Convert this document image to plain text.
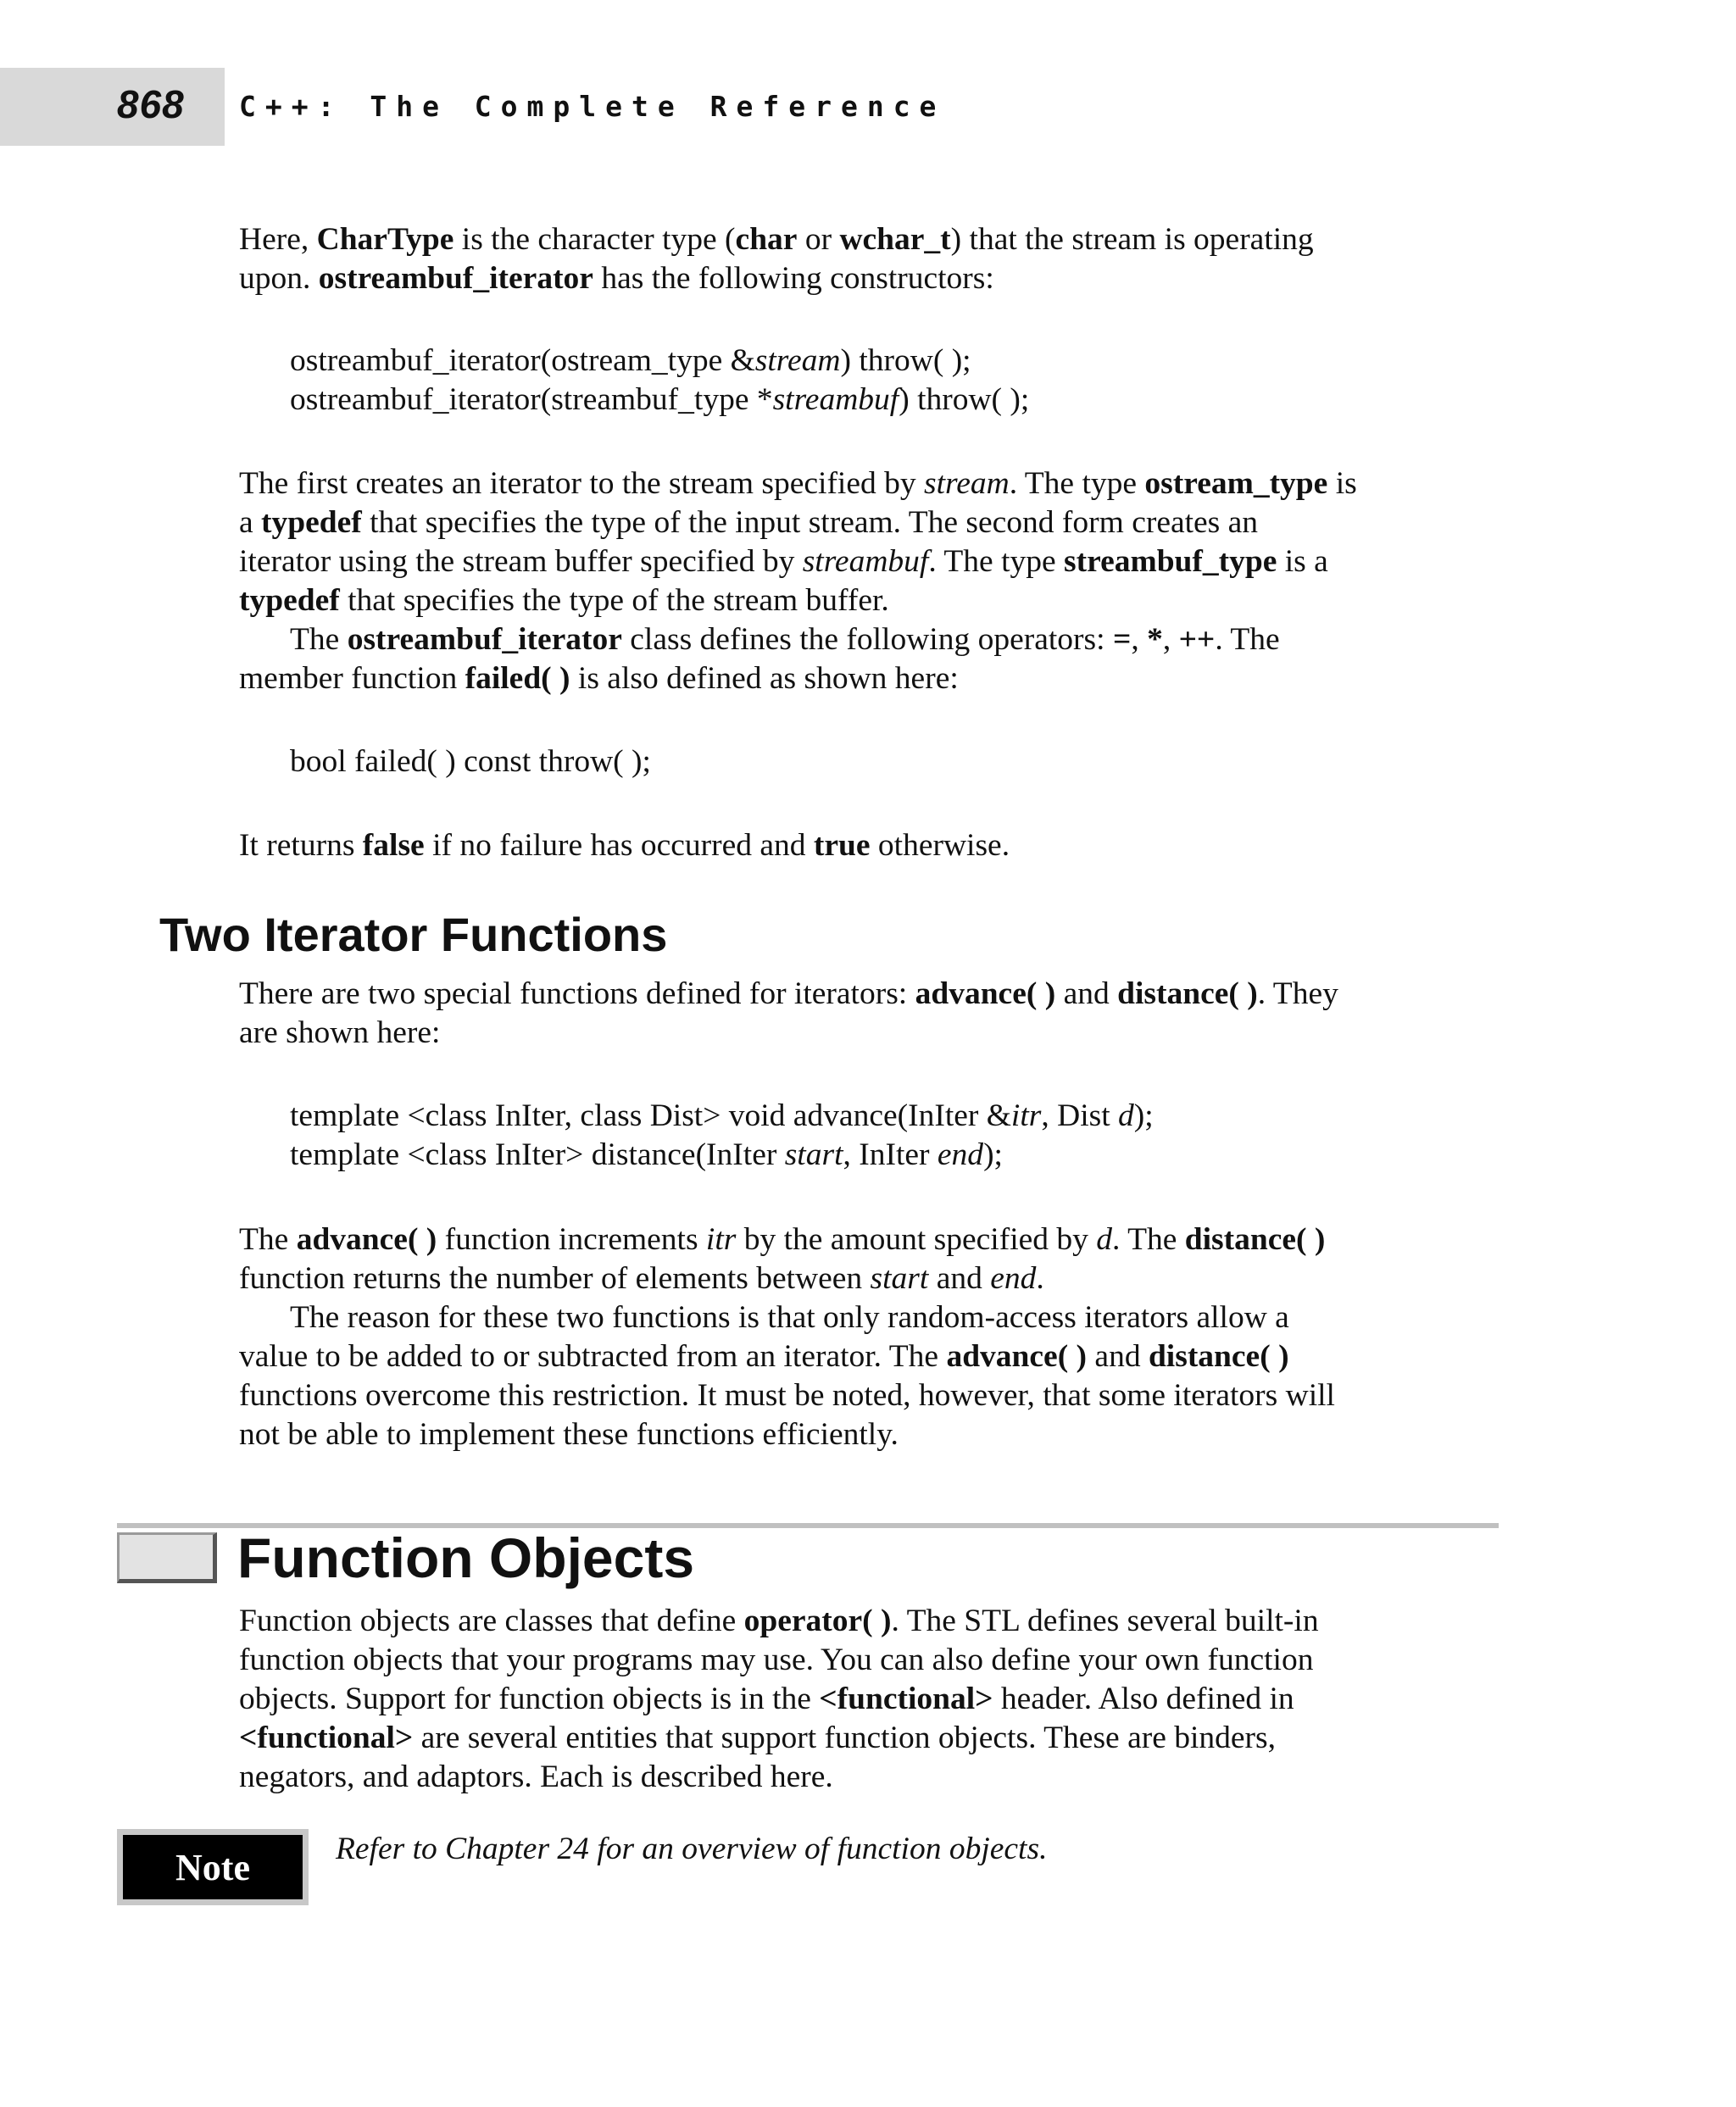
868 C++: The Complete Reference

Here, CharType is the character type (char or wchar_t) that the stream is operating

upon. ostreambuf_iterator has the following constructors:

ostreambuf_iterator(ostream_type &stream) throw( );

ostreambuf_iterator(streambuf_type *streambuf) throw( );

The first creates an iterator to the stream specified by stream. The type ostream_type is

a typedef that specifies the type of the input stream. The second form creates an

iterator using the stream buffer specified by streambuf. The type streambuf_type is a

typedef that specifies the type of the stream buffer.

The ostreambuf_iterator class defines the following operators: =, *, ++. The

member function failed( ) is also defined as shown here:

bool failed( ) const throw( );

It returns false if no failure has occurred and true otherwise.

Two Iterator Functions

There are two special functions defined for iterators: advance( ) and distance( ). They

are shown here:

template <class InIter, class Dist> void advance(InIter &itr, Dist d);

template <class InIter> distance(InIter start, InIter end);

The advance( ) function increments itr by the amount specified by d. The distance( )

function returns the number of elements between start and end.

The reason for these two functions is that only random-access iterators allow a

value to be added to or subtracted from an iterator. The advance( ) and distance( )

functions overcome this restriction. It must be noted, however, that some iterators will

not be able to implement these functions efficiently.

Function Objects

Function objects are classes that define operator( ). The STL defines several built-in

function objects that your programs may use. You can also define your own function

objects. Support for function objects is in the <functional> header. Also defined in

<functional> are several entities that support function objects. These are binders,

negators, and adaptors. Each is described here.

Note	Refer to Chapter 24 for an overview of function objects.
